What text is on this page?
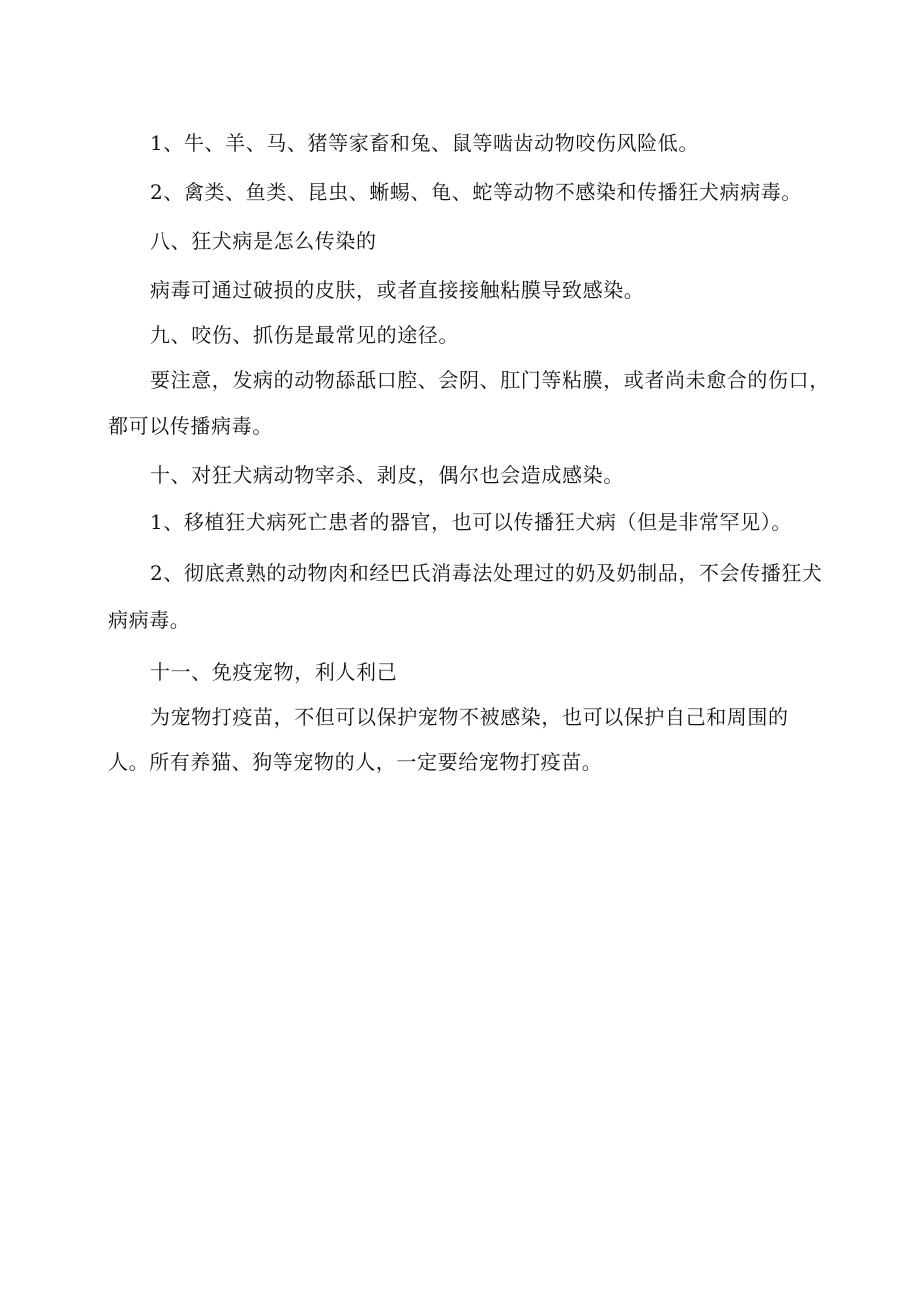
1、牛、羊、马、猪等家畜和兔、鼠等啮齿动物咬伤风险低。

2、禽类、鱼类、昆虫、蜥蜴、龟、蛇等动物不感染和传播狂犬病病毒。

八、狂犬病是怎么传染的

病毒可通过破损的皮肤，或者直接接触粘膜导致感染。

九、咬伤、抓伤是最常见的途径。

要注意，发病的动物舔舐口腔、会阴、肛门等粘膜，或者尚未愈合的伤口，

都可以传播病毒。

十、对狂犬病动物宰杀、剥皮，偶尔也会造成感染。

1、移植狂犬病死亡患者的器官，也可以传播狂犬病（但是非常罕见）。

2、彻底煮熟的动物肉和经巴氏消毒法处理过的奶及奶制品，不会传播狂犬

病病毒。

十一、免疫宠物，利人利己

为宠物打疫苗，不但可以保护宠物不被感染，也可以保护自己和周围的

人。所有养猫、狗等宠物的人，一定要给宠物打疫苗。
